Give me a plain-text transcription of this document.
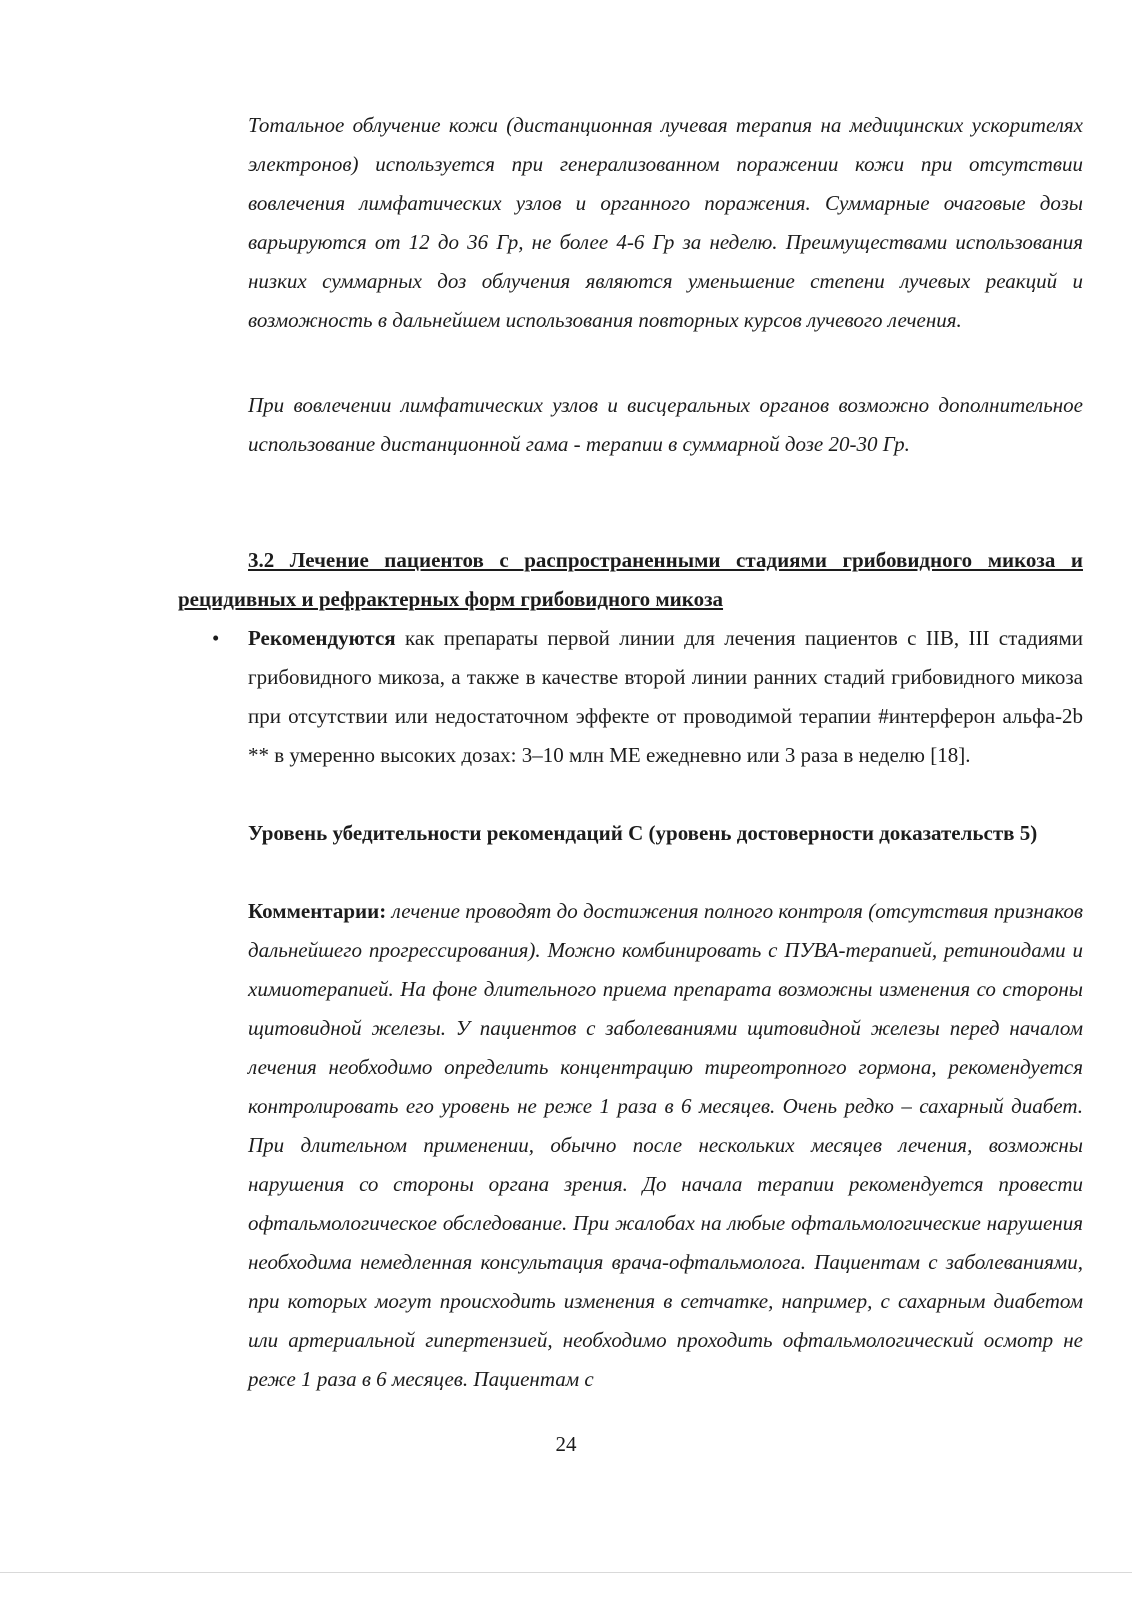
Тотальное облучение кожи (дистанционная лучевая терапия на медицинских ускорителях электронов) используется при генерализованном поражении кожи при отсутствии вовлечения лимфатических узлов и органного поражения. Суммарные очаговые дозы варьируются от 12 до 36 Гр, не более 4-6 Гр за неделю. Преимуществами использования низких суммарных доз облучения являются уменьшение степени лучевых реакций и возможность в дальнейшем использования повторных курсов лучевого лечения.

При вовлечении лимфатических узлов и висцеральных органов возможно дополнительное использование дистанционной гама - терапии в суммарной дозе 20-30 Гр.

3.2 Лечение пациентов с распространенными стадиями грибовидного микоза и рецидивных и рефрактерных форм грибовидного микоза
• Рекомендуются как препараты первой линии для лечения пациентов с IIВ, III стадиями грибовидного микоза, а также в качестве второй линии ранних стадий грибовидного микоза при отсутствии или недостаточном эффекте от проводимой терапии #интерферон альфа-2b ** в умеренно высоких дозах: 3–10 млн МЕ ежедневно или 3 раза в неделю [18].
Уровень убедительности рекомендаций С (уровень достоверности доказательств 5)
Комментарии: лечение проводят до достижения полного контроля (отсутствия признаков дальнейшего прогрессирования). Можно комбинировать с ПУВА-терапией, ретиноидами и химиотерапией. На фоне длительного приема препарата возможны изменения со стороны щитовидной железы. У пациентов с заболеваниями щитовидной железы перед началом лечения необходимо определить концентрацию тиреотропного гормона, рекомендуется контролировать его уровень не реже 1 раза в 6 месяцев. Очень редко – сахарный диабет. При длительном применении, обычно после нескольких месяцев лечения, возможны нарушения со стороны органа зрения. До начала терапии рекомендуется провести офтальмологическое обследование. При жалобах на любые офтальмологические нарушения необходима немедленная консультация врача-офтальмолога. Пациентам с заболеваниями, при которых могут происходить изменения в сетчатке, например, с сахарным диабетом или артериальной гипертензией, необходимо проходить офтальмологический осмотр не реже 1 раза в 6 месяцев. Пациентам с
24
